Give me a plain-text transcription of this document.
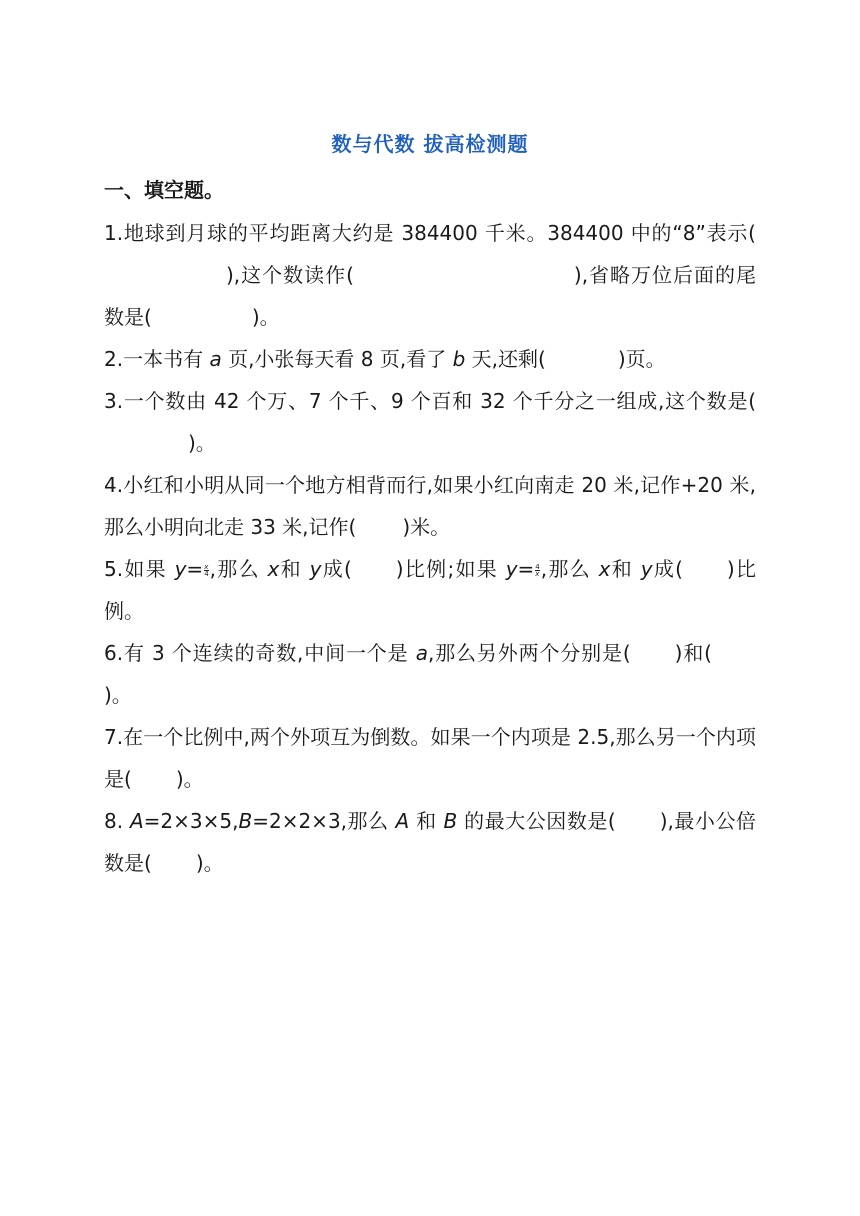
数与代数 拔高检测题
一、填空题。

1.地球到月球的平均距离大约是 384400 千米。384400 中的“8”表示(),这个数读作(	),省略万位后面的尾数是(	)。

2.一本书有 a 页,小张每天看 8 页,看了 b 天,还剩(	)页。

3.一个数由 42 个万、7 个千、9 个百和 32 个千分之一组成,这个数是()。

4.小红和小明从同一个地方相背而行,如果小红向南走 20 米,记作+20 米,那么小明向北走 33 米,记作( )米。

5.如果 $y= \frac{x}{4}$ ,那么 x和 y成( )比例;如果 $y= \frac{4}{x}$ ,那么 x和 y成( )比例。

6.有 3 个连续的奇数,中间一个是 a,那么另外两个分别是( )和()。

7.在一个比例中,两个外项互为倒数。如果一个内项是 2.5,那么另一个内项是( )。

8. A=2×3×5,B=2×2×3,那么 A 和 B 的最大公因数是( ),最小公倍数是( )。
